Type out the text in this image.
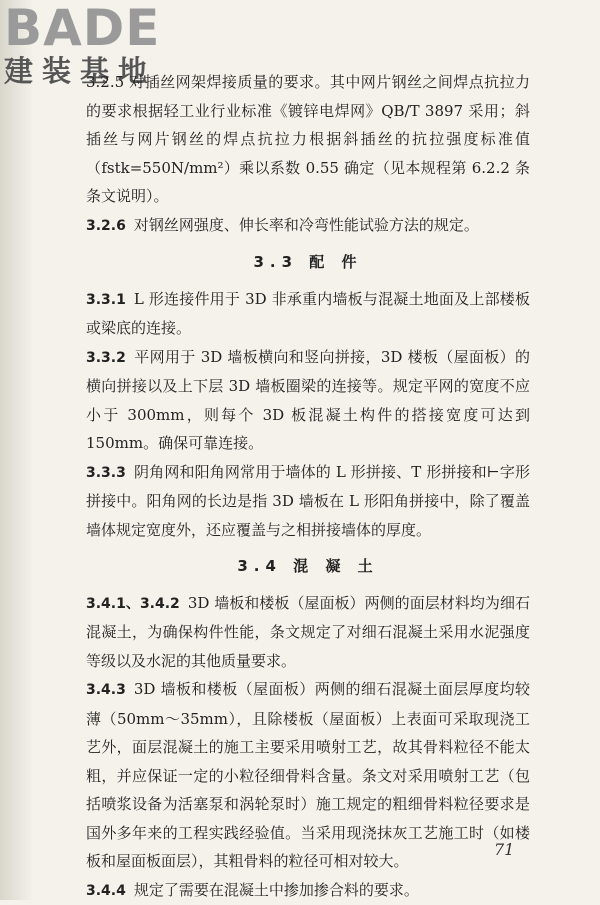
BADE
建装基地

3.2.5 对插丝网架焊接质量的要求。其中网片钢丝之间焊点抗拉力的要求根据轻工业行业标准《镀锌电焊网》QB/T 3897 采用；斜插丝与网片钢丝的焊点抗拉力根据斜插丝的抗拉强度标准值（fstk=550N/mm²）乘以系数 0.55 确定（见本规程第 6.2.2 条条文说明）。

3.2.6 对钢丝网强度、伸长率和冷弯性能试验方法的规定。

3.3 配 件

3.3.1 L 形连接件用于 3D 非承重内墙板与混凝土地面及上部楼板或梁底的连接。

3.3.2 平网用于 3D 墙板横向和竖向拼接，3D 楼板（屋面板）的横向拼接以及上下层 3D 墙板圈梁的连接等。规定平网的宽度不应小于 300mm，则每个 3D 板混凝土构件的搭接宽度可达到 150mm。确保可靠连接。

3.3.3 阴角网和阳角网常用于墙体的 L 形拼接、T 形拼接和⊢字形拼接中。阳角网的长边是指 3D 墙板在 L 形阳角拼接中，除了覆盖墙体规定宽度外，还应覆盖与之相拼接墙体的厚度。

3.4 混 凝 土

3.4.1、3.4.2 3D 墙板和楼板（屋面板）两侧的面层材料均为细石混凝土，为确保构件性能，条文规定了对细石混凝土采用水泥强度等级以及水泥的其他质量要求。

3.4.3 3D 墙板和楼板（屋面板）两侧的细石混凝土面层厚度均较薄（50mm～35mm），且除楼板（屋面板）上表面可采取现浇工艺外，面层混凝土的施工主要采用喷射工艺，故其骨料粒径不能太粗，并应保证一定的小粒径细骨料含量。条文对采用喷射工艺（包括喷浆设备为活塞泵和涡轮泵时）施工规定的粗细骨料粒径要求是国外多年来的工程实践经验值。当采用现浇抹灰工艺施工时（如楼板和屋面板面层），其粗骨料的粒径可相对较大。

3.4.4 规定了需要在混凝土中掺加掺合料的要求。

71
